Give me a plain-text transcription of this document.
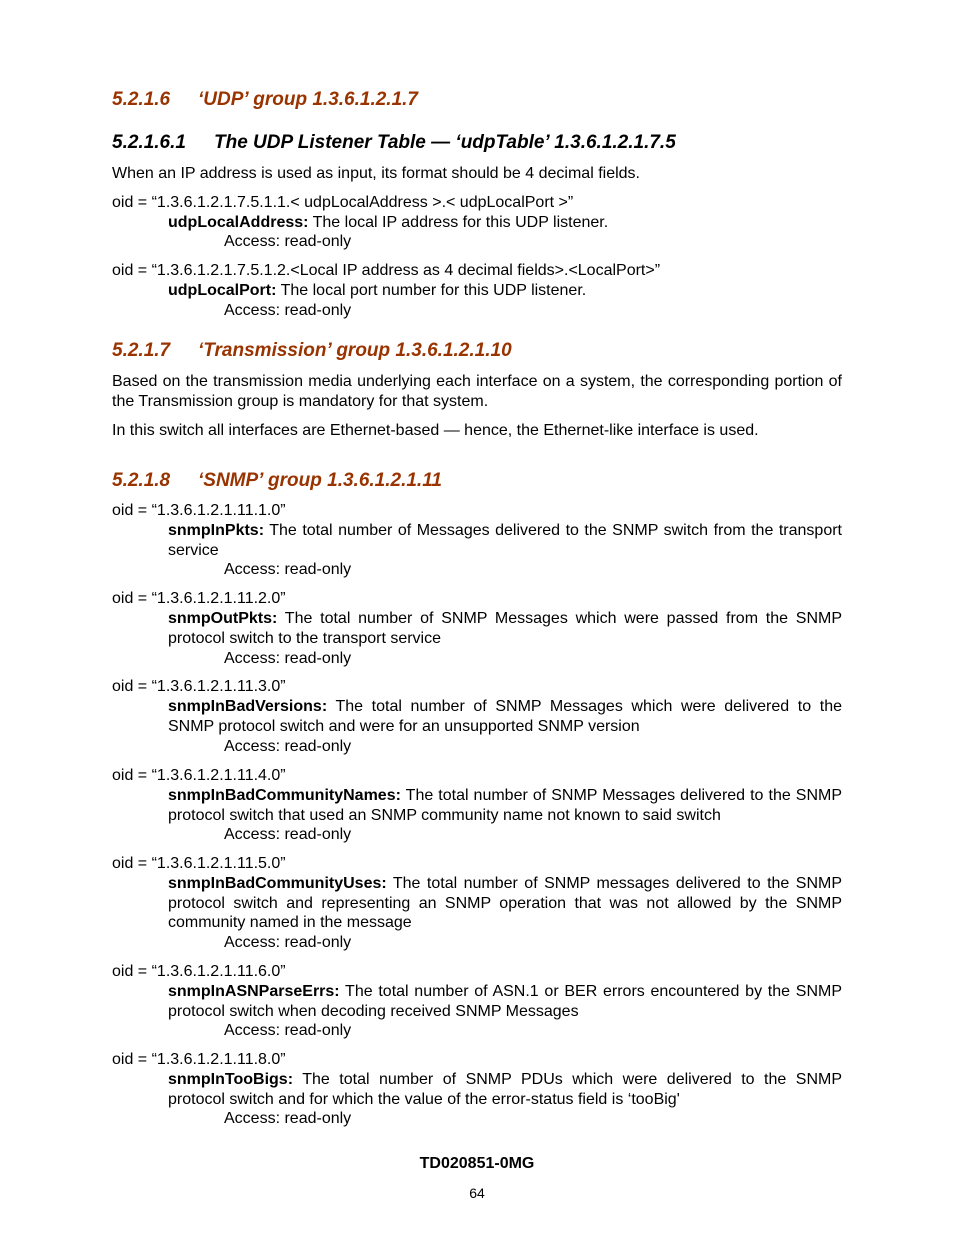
5.2.1.6 ‘UDP’ group 1.3.6.1.2.1.7
5.2.1.6.1 The UDP Listener Table — ‘udpTable’ 1.3.6.1.2.1.7.5
When an IP address is used as input, its format should be 4 decimal fields.
oid = “1.3.6.1.2.1.7.5.1.1.< udpLocalAddress >.< udpLocalPort >”
udpLocalAddress: The local IP address for this UDP listener.
Access: read-only
oid = “1.3.6.1.2.1.7.5.1.2.<Local IP address as 4 decimal fields>.<LocalPort>”
udpLocalPort: The local port number for this UDP listener.
Access: read-only
5.2.1.7 ‘Transmission’ group 1.3.6.1.2.1.10
Based on the transmission media underlying each interface on a system, the corresponding portion of the Transmission group is mandatory for that system.
In this switch all interfaces are Ethernet-based — hence, the Ethernet-like interface is used.
5.2.1.8 ‘SNMP’ group 1.3.6.1.2.1.11
oid = “1.3.6.1.2.1.11.1.0”
snmpInPkts: The total number of Messages delivered to the SNMP switch from the transport service
Access: read-only
oid = “1.3.6.1.2.1.11.2.0”
snmpOutPkts: The total number of SNMP Messages which were passed from the SNMP protocol switch to the transport service
Access: read-only
oid = “1.3.6.1.2.1.11.3.0”
snmpInBadVersions: The total number of SNMP Messages which were delivered to the SNMP protocol switch and were for an unsupported SNMP version
Access: read-only
oid = “1.3.6.1.2.1.11.4.0”
snmpInBadCommunityNames: The total number of SNMP Messages delivered to the SNMP protocol switch that used an SNMP community name not known to said switch
Access: read-only
oid = “1.3.6.1.2.1.11.5.0”
snmpInBadCommunityUses: The total number of SNMP messages delivered to the SNMP protocol switch and representing an SNMP operation that was not allowed by the SNMP community named in the message
Access: read-only
oid = “1.3.6.1.2.1.11.6.0”
snmpInASNParseErrs: The total number of ASN.1 or BER errors encountered by the SNMP protocol switch when decoding received SNMP Messages
Access: read-only
oid = “1.3.6.1.2.1.11.8.0”
snmpInTooBigs: The total number of SNMP PDUs which were delivered to the SNMP protocol switch and for which the value of the error-status field is ‘tooBig'
Access: read-only
TD020851-0MG
64
